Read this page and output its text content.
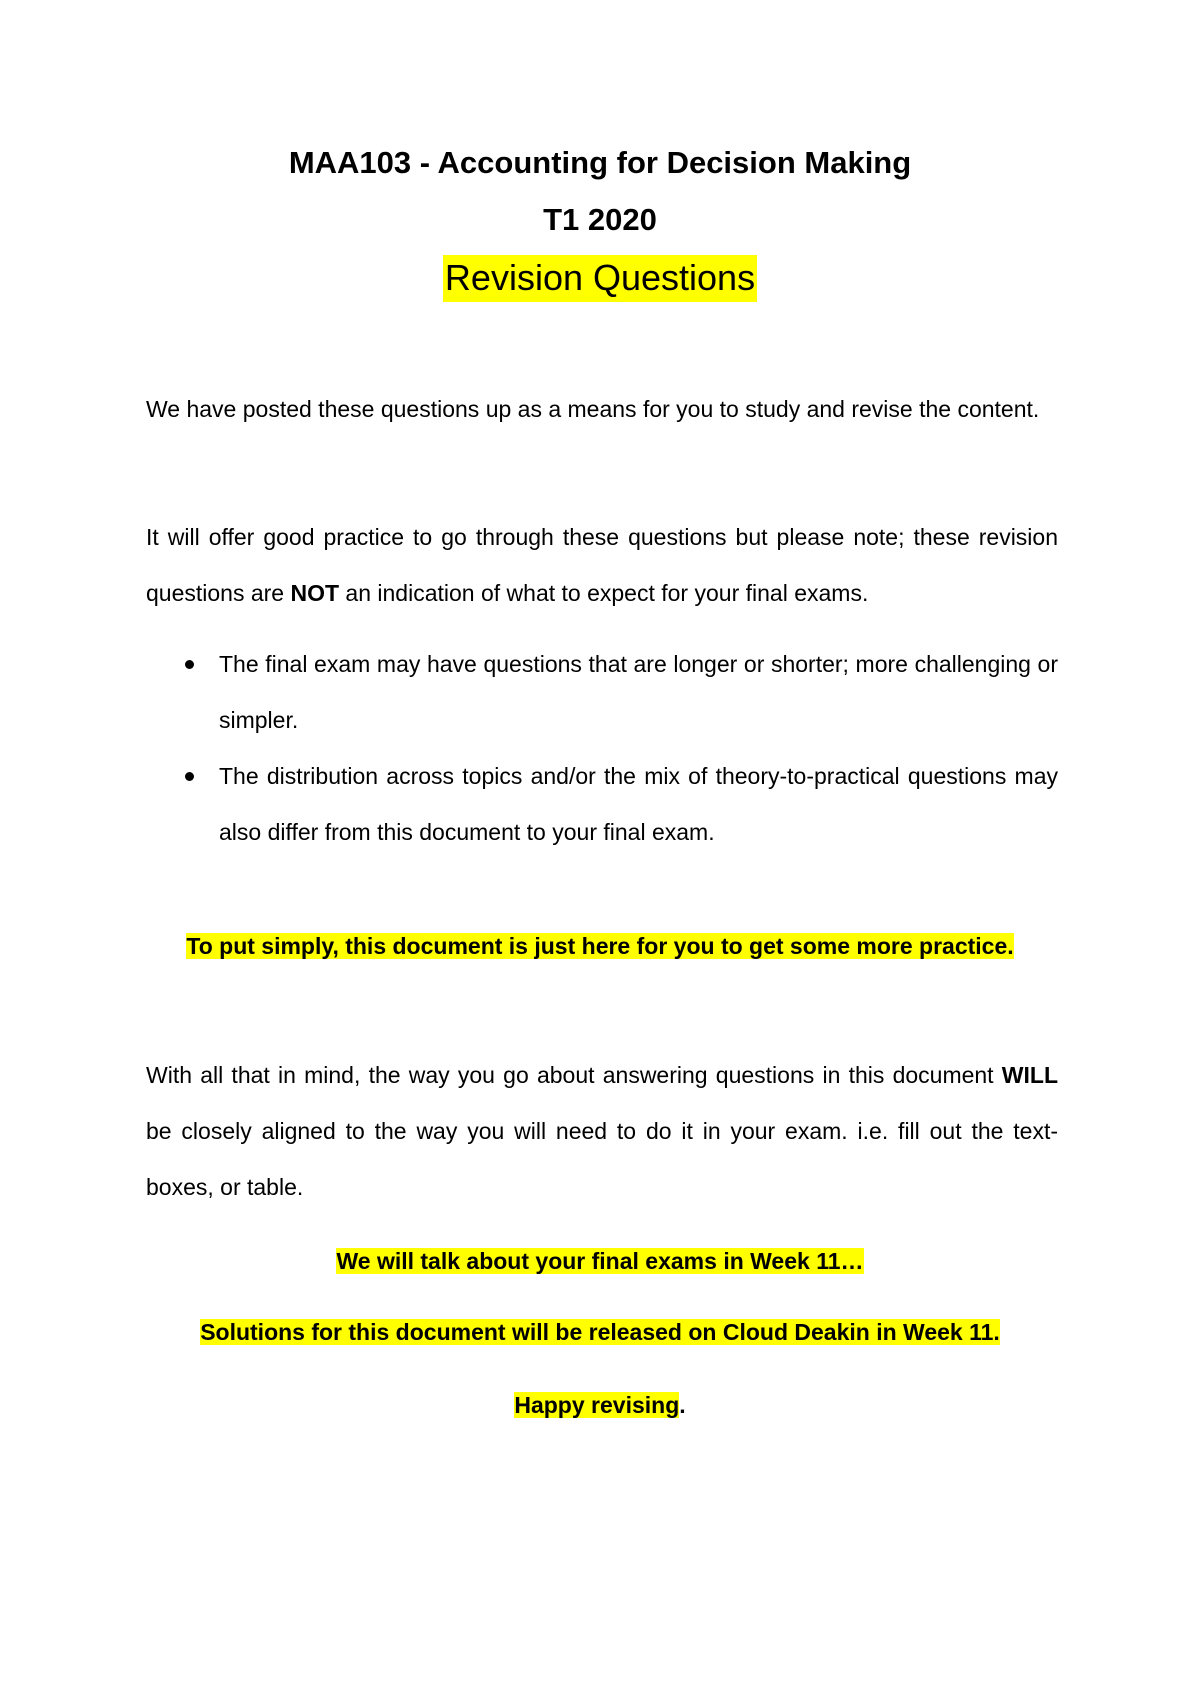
MAA103 - Accounting for Decision Making
T1 2020
Revision Questions

We have posted these questions up as a means for you to study and revise the content.

It will offer good practice to go through these questions but please note; these revision questions are NOT an indication of what to expect for your final exams.

The final exam may have questions that are longer or shorter; more challenging or simpler.
The distribution across topics and/or the mix of theory-to-practical questions may also differ from this document to your final exam.

To put simply, this document is just here for you to get some more practice.

With all that in mind, the way you go about answering questions in this document WILL be closely aligned to the way you will need to do it in your exam. i.e. fill out the text-boxes, or table.

We will talk about your final exams in Week 11…

Solutions for this document will be released on Cloud Deakin in Week 11.

Happy revising.
